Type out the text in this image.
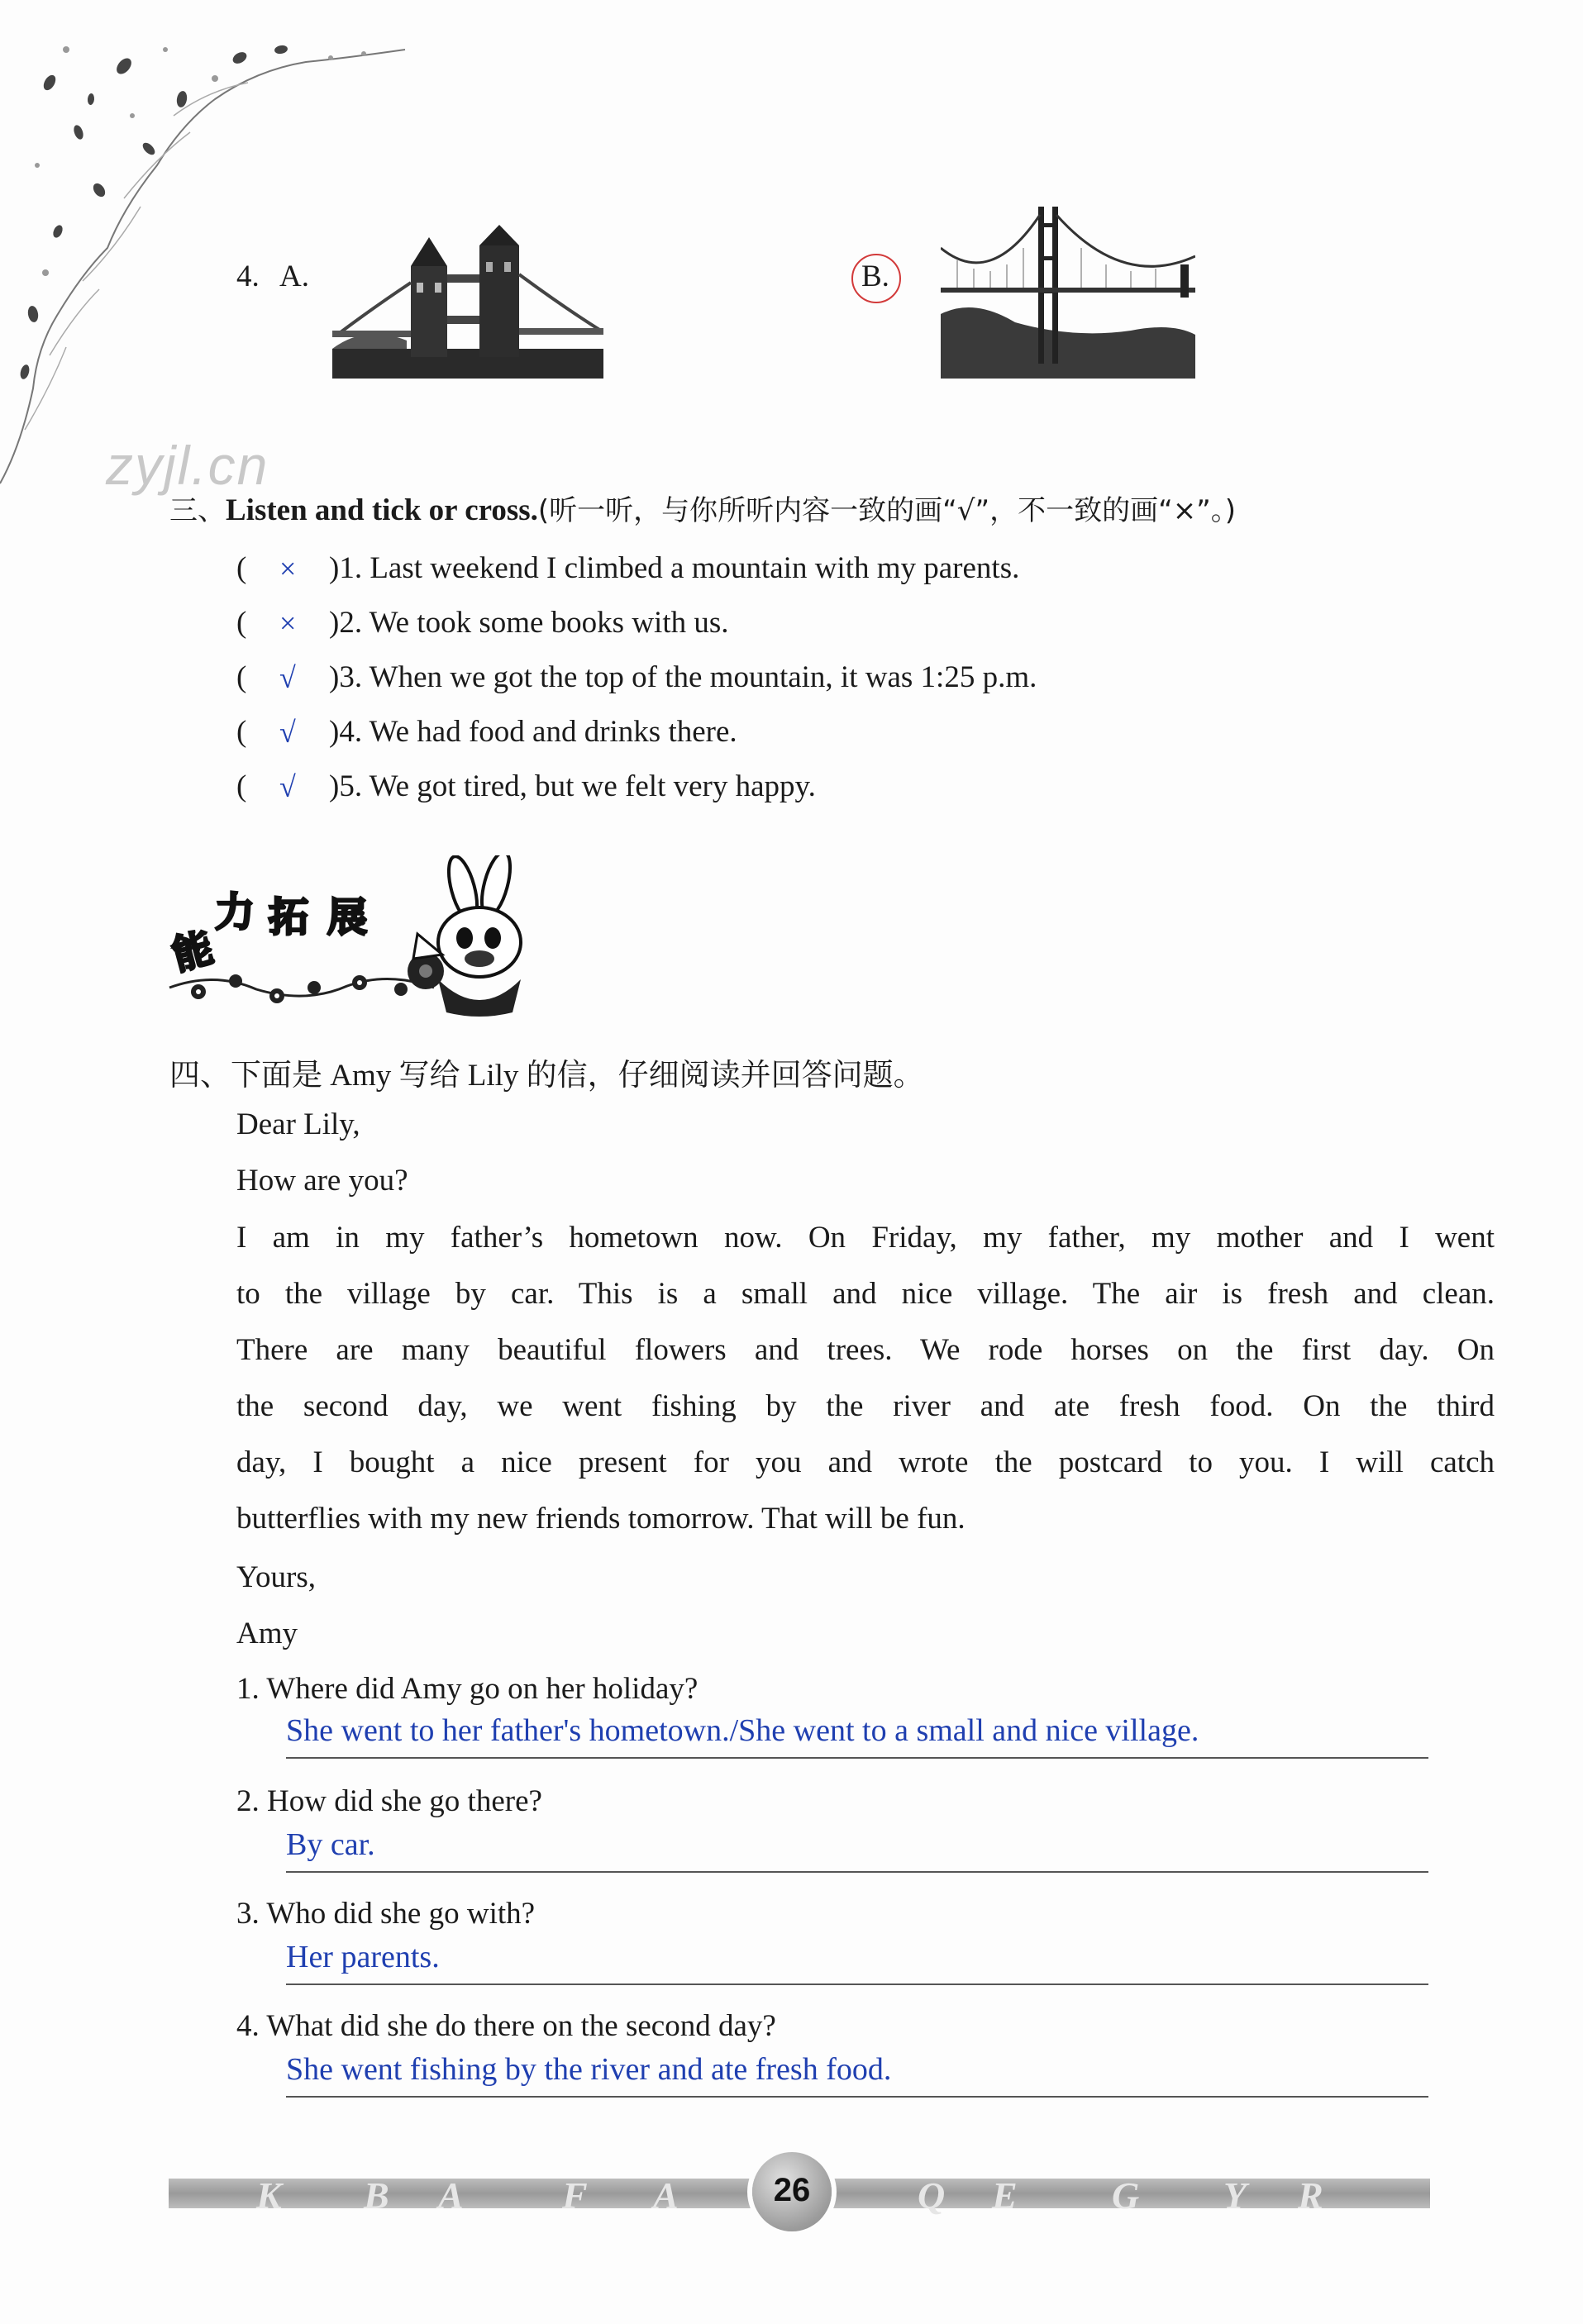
zyjl.cn
4. A.	B.
三、Listen and tick or cross.(听一听，与你所听内容一致的画“√”，不一致的画“×”。)
( × )1. Last weekend I climbed a mountain with my parents.
( × )2. We took some books with us.
( √ )3. When we got the top of the mountain, it was 1:25 p.m.
( √ )4. We had food and drinks there.
( √ )5. We got tired, but we felt very happy.
能
力 拓 展
四、下面是 Amy 写给 Lily 的信，仔细阅读并回答问题。
Dear Lily,
How are you?
I am in my father’s hometown now. On Friday, my father, my mother and I went
to the village by car. This is a small and nice village. The air is fresh and clean.
There are many beautiful flowers and trees. We rode horses on the first day. On
the second day, we went fishing by the river and ate fresh food. On the third
day, I bought a nice present for you and wrote the postcard to you. I will catch
butterflies with my new friends tomorrow. That will be fun.
Yours,
Amy
1. Where did Amy go on her holiday?
She went to her father's hometown./She went to a small and nice village.
2. How did she go there?
By car.
3. Who did she go with?
Her parents.
4. What did she do there on the second day?
She went fishing by the river and ate fresh food.
K B A	F A	Q E G Y R
26
